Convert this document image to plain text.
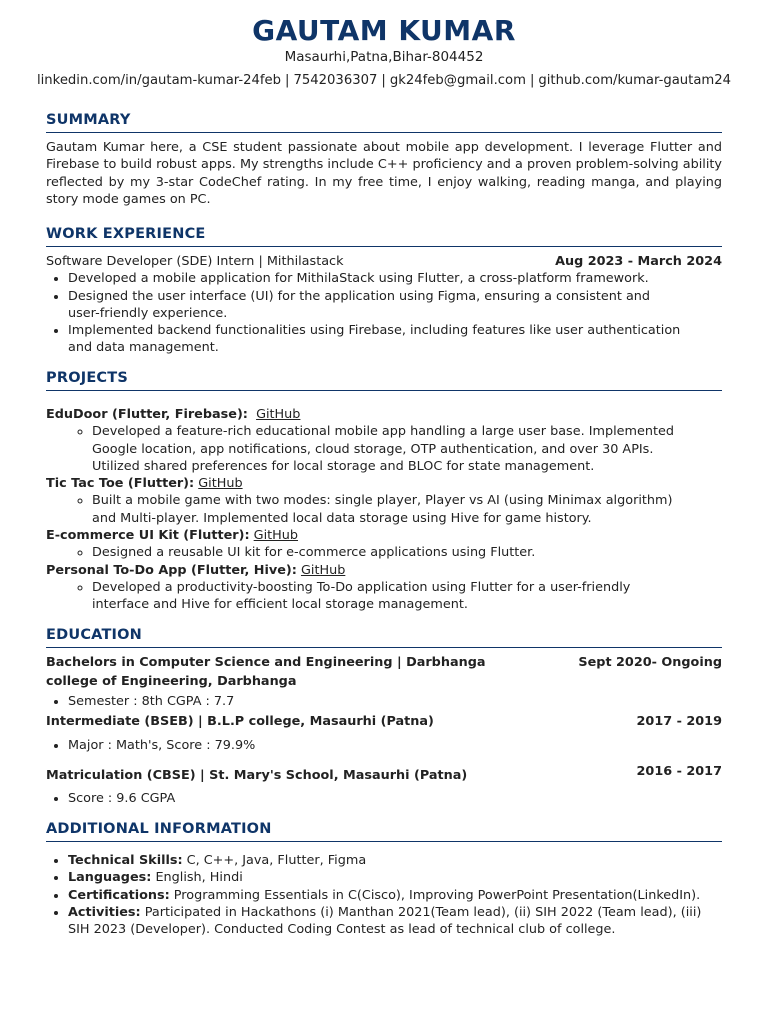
GAUTAM KUMAR
Masaurhi,Patna,Bihar-804452
linkedin.com/in/gautam-kumar-24feb | 7542036307 | gk24feb@gmail.com | github.com/kumar-gautam24
SUMMARY
Gautam Kumar here, a CSE student passionate about mobile app development. I leverage Flutter and Firebase to build robust apps. My strengths include C++ proficiency and a proven problem-solving ability reflected by my 3-star CodeChef rating. In my free time, I enjoy walking, reading manga, and playing story mode games on PC.
WORK EXPERIENCE
Software Developer (SDE) Intern | Mithilastack	Aug 2023 - March 2024
• Developed a mobile application for MithilaStack using Flutter, a cross-platform framework.
• Designed the user interface (UI) for the application using Figma, ensuring a consistent and user-friendly experience.
• Implemented backend functionalities using Firebase, including features like user authentication and data management.
PROJECTS
EduDoor (Flutter, Firebase): GitHub
◦ Developed a feature-rich educational mobile app handling a large user base. Implemented Google location, app notifications, cloud storage, OTP authentication, and over 30 APIs. Utilized shared preferences for local storage and BLOC for state management.
Tic Tac Toe (Flutter): GitHub
◦ Built a mobile game with two modes: single player, Player vs AI (using Minimax algorithm) and Multi-player. Implemented local data storage using Hive for game history.
E-commerce UI Kit (Flutter): GitHub
◦ Designed a reusable UI kit for e-commerce applications using Flutter.
Personal To-Do App (Flutter, Hive): GitHub
◦ Developed a productivity-boosting To-Do application using Flutter for a user-friendly interface and Hive for efficient local storage management.
EDUCATION
Bachelors in Computer Science and Engineering | Darbhanga college of Engineering, Darbhanga
Sept 2020- Ongoing
• Semester : 8th CGPA : 7.7
Intermediate (BSEB) | B.L.P college, Masaurhi (Patna)	2017 - 2019
• Major : Math's, Score : 79.9%
Matriculation (CBSE) | St. Mary's School, Masaurhi (Patna)	2016 - 2017
• Score : 9.6 CGPA
ADDITIONAL INFORMATION
• Technical Skills: C, C++, Java, Flutter, Figma
• Languages: English, Hindi
• Certifications: Programming Essentials in C(Cisco), Improving PowerPoint Presentation(LinkedIn).
• Activities: Participated in Hackathons (i) Manthan 2021(Team lead), (ii) SIH 2022 (Team lead), (iii) SIH 2023 (Developer). Conducted Coding Contest as lead of technical club of college.
